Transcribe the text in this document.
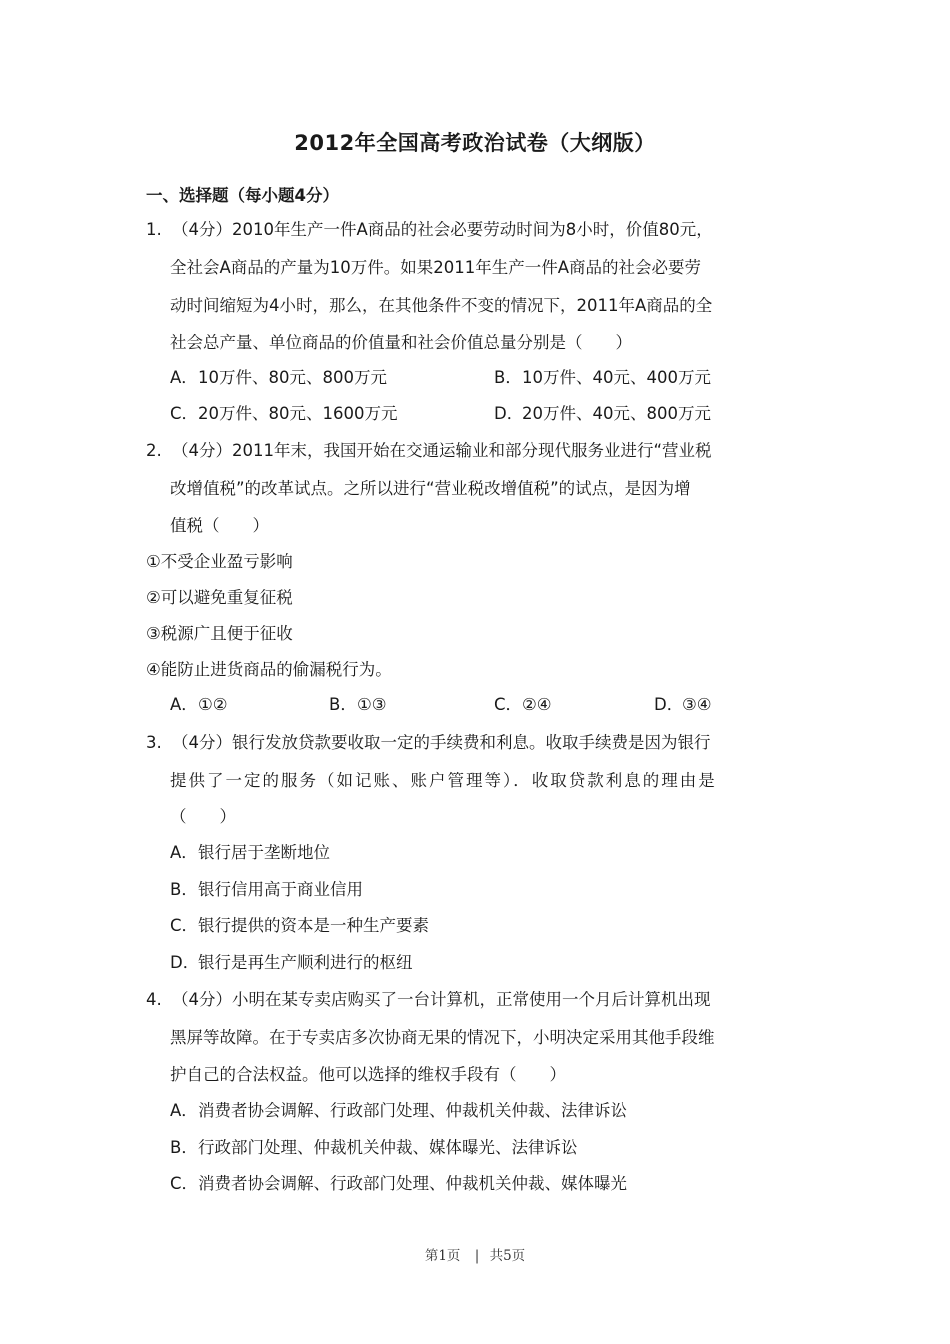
2012年全国高考政治试卷（大纲版）
一、选择题（每小题4分）
1. （4分）2010年生产一件A商品的社会必要劳动时间为8小时，价值80元，
全社会A商品的产量为10万件。如果2011年生产一件A商品的社会必要劳
动时间缩短为4小时，那么，在其他条件不变的情况下，2011年A商品的全
社会总产量、单位商品的价值量和社会价值总量分别是（　　）
A．10万件、80元、800万元	B．10万件、40元、400万元
C．20万件、80元、1600万元	D．20万件、40元、800万元
2. （4分）2011年末，我国开始在交通运输业和部分现代服务业进行“营业税
改增值税”的改革试点。之所以进行“营业税改增值税”的试点，是因为增
值税（　　）
①不受企业盈亏影响
②可以避免重复征税
③税源广且便于征收
④能防止进货商品的偷漏税行为。
A．①②	B．①③	C．②④	D．③④
3. （4分）银行发放贷款要收取一定的手续费和利息。收取手续费是因为银行
提供了一定的服务（如记账、账户管理等）．收取贷款利息的理由是
（　　）
A．银行居于垄断地位
B．银行信用高于商业信用
C．银行提供的资本是一种生产要素
D．银行是再生产顺利进行的枢纽
4. （4分）小明在某专卖店购买了一台计算机，正常使用一个月后计算机出现
黑屏等故障。在于专卖店多次协商无果的情况下，小明决定采用其他手段维
护自己的合法权益。他可以选择的维权手段有（　　）
A．消费者协会调解、行政部门处理、仲裁机关仲裁、法律诉讼
B．行政部门处理、仲裁机关仲裁、媒体曝光、法律诉讼
C．消费者协会调解、行政部门处理、仲裁机关仲裁、媒体曝光
第1页 | 共5页
